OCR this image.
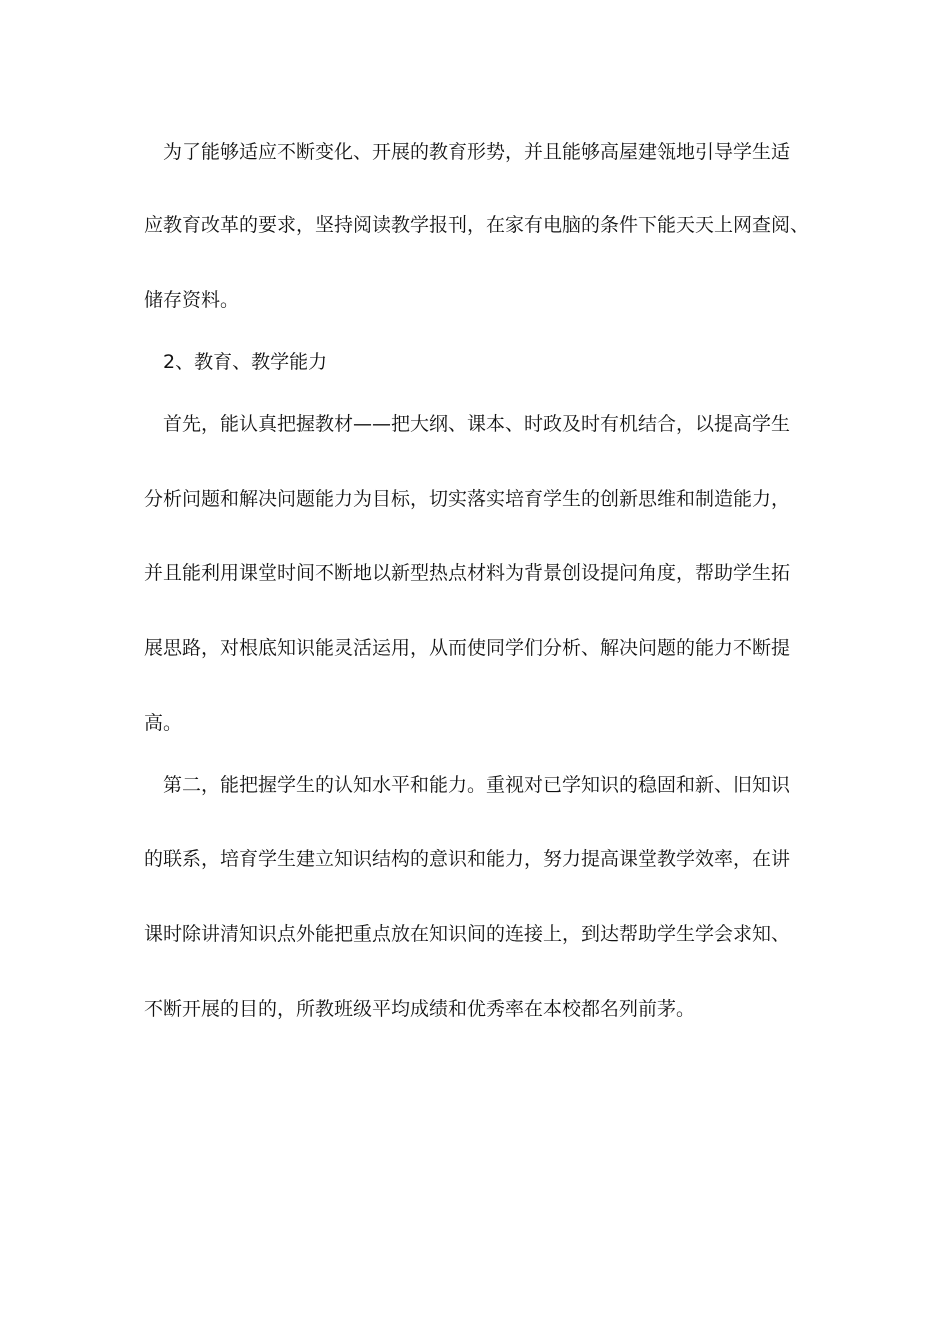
为了能够适应不断变化、开展的教育形势，并且能够高屋建瓴地引导学生适
应教育改革的要求，坚持阅读教学报刊，在家有电脑的条件下能天天上网查阅、
储存资料。
2、教育、教学能力
首先，能认真把握教材——把大纲、课本、时政及时有机结合，以提高学生
分析问题和解决问题能力为目标，切实落实培育学生的创新思维和制造能力，
并且能利用课堂时间不断地以新型热点材料为背景创设提问角度，帮助学生拓
展思路，对根底知识能灵活运用，从而使同学们分析、解决问题的能力不断提
高。
第二，能把握学生的认知水平和能力。重视对已学知识的稳固和新、旧知识
的联系，培育学生建立知识结构的意识和能力，努力提高课堂教学效率，在讲
课时除讲清知识点外能把重点放在知识间的连接上，到达帮助学生学会求知、
不断开展的目的，所教班级平均成绩和优秀率在本校都名列前茅。
